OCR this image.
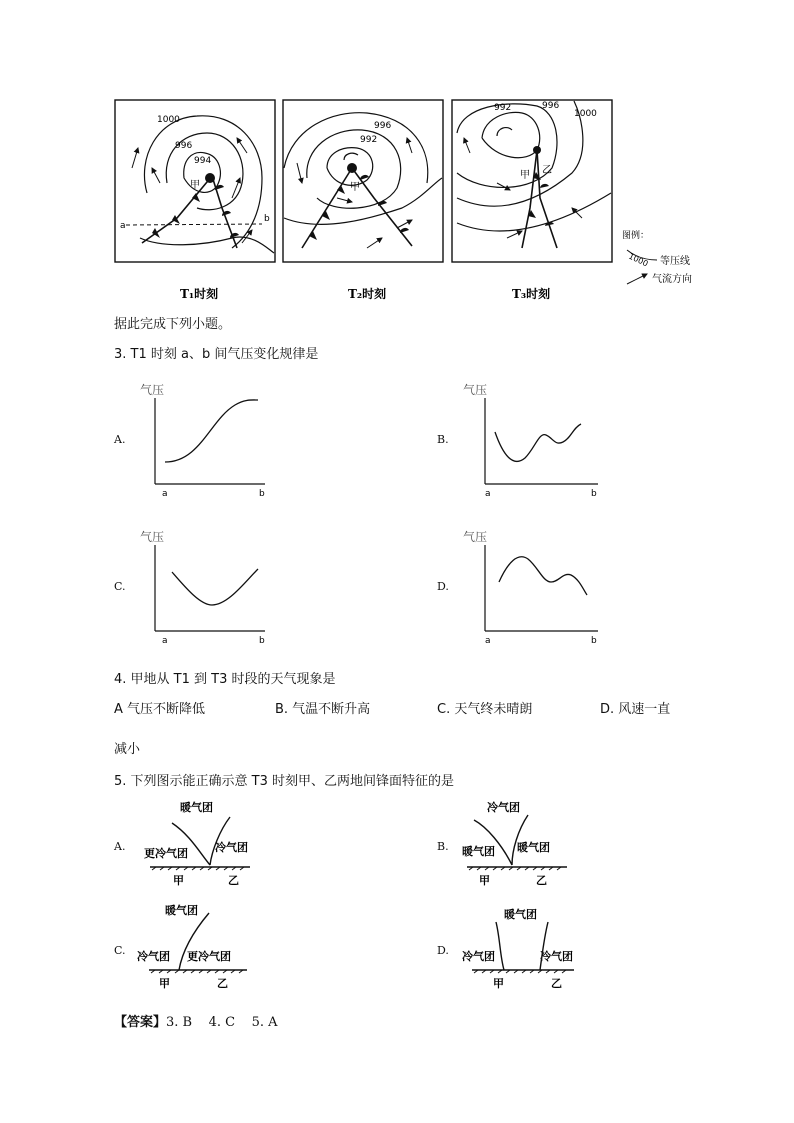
1000
996
994
甲
a
b
T₁时刻
996
992
甲
T₂时刻
992	996
1000
甲 乙
T₃时刻
图例：
1000 等压线
气流方向
据此完成下列小题。
3. T1 时刻 a、b 间气压变化规律是
A.
气压
a	b
B.
气压
a	b
C.
气压
a	b
D.
气压
a	b
4. 甲地从 T1 到 T3 时段的天气现象是
A 气压不断降低	B. 气温不断升高	C. 天气终未晴朗	D. 风速一直
减小
5. 下列图示能正确示意 T3 时刻甲、乙两地间锋面特征的是
A.
暖气团
更冷气团 冷气团
甲	乙
B.
冷气团
暖气团 暖气团
甲	乙
C.
暖气团
冷气团 更冷气团
甲	乙
D.
暖气团
冷气团	冷气团
甲	乙
【答案】3. B    4. C    5. A
